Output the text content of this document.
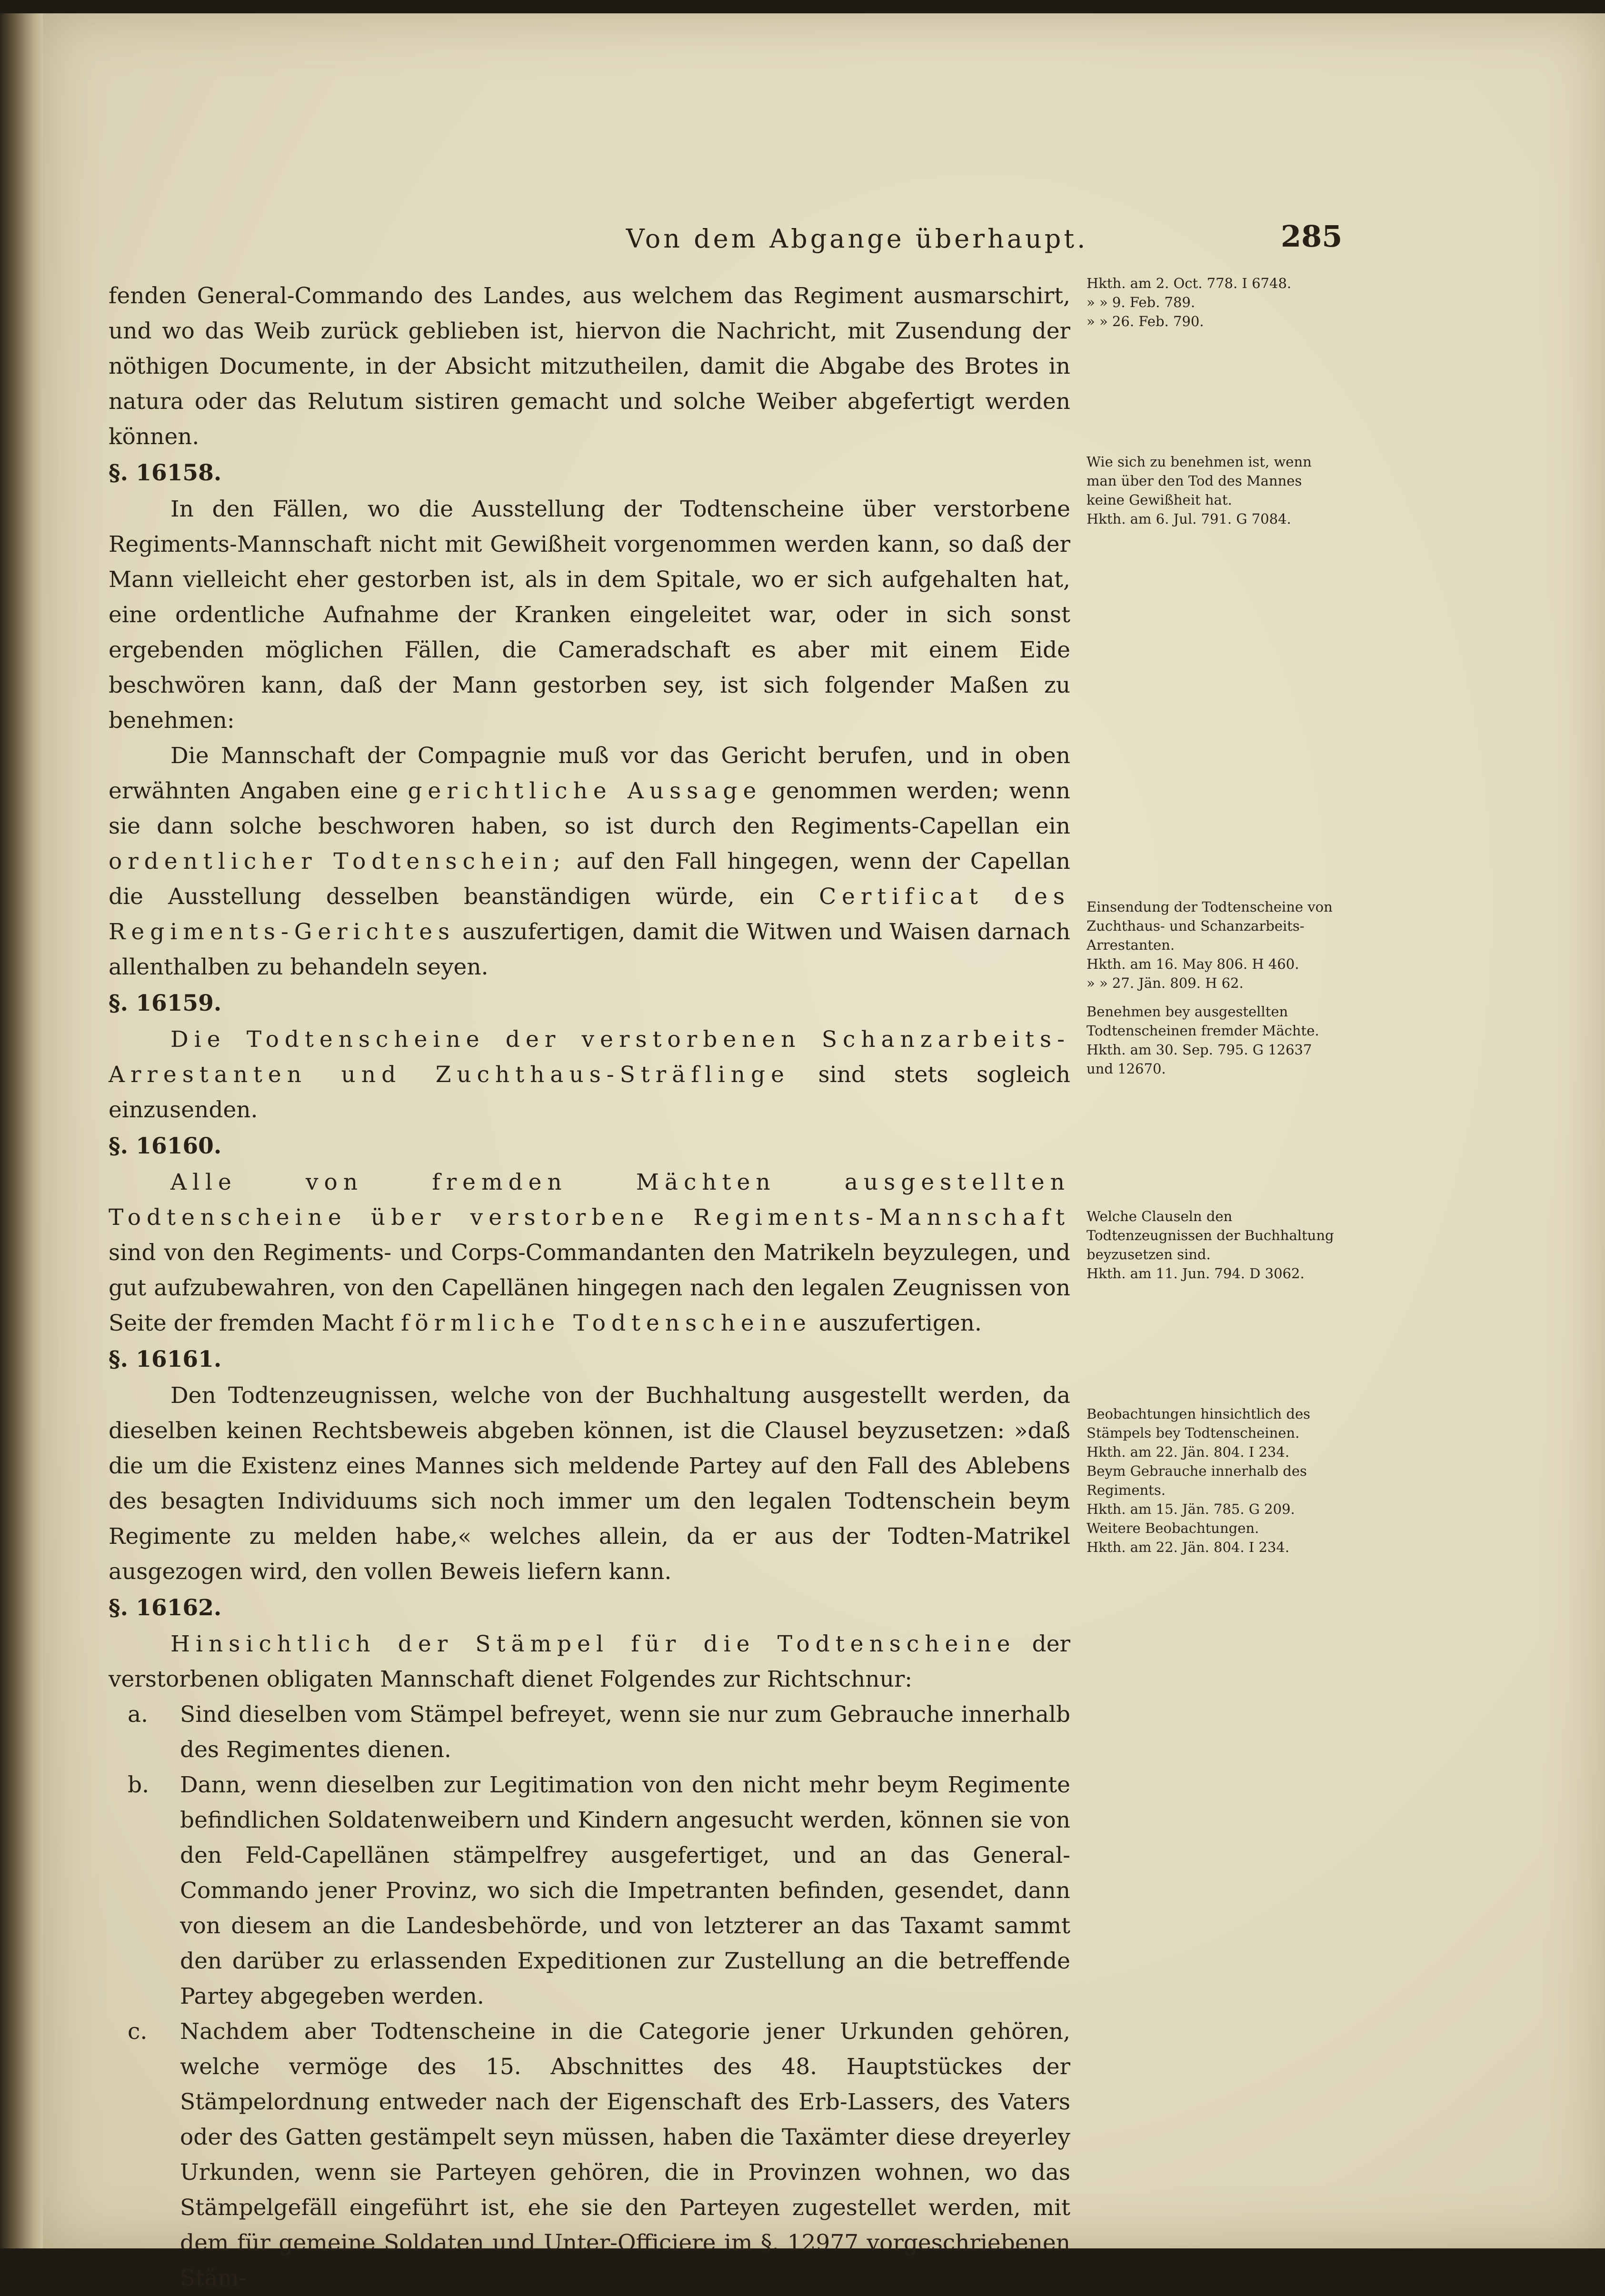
Von dem Abgange überhaupt.	285

fenden General-Commando des Landes, aus welchem das Regiment ausmarschirt, und wo das Weib zurück geblieben ist, hiervon die Nachricht, mit Zusendung der nöthigen Documente, in der Absicht mitzutheilen, damit die Abgabe des Brotes in natura oder das Relutum sistiren gemacht und solche Weiber abgefertigt werden können.

§. 16158.

In den Fällen, wo die Ausstellung der Todtenscheine über verstorbene Regiments-Mannschaft nicht mit Gewißheit vorgenommen werden kann, so daß der Mann vielleicht eher gestorben ist, als in dem Spitale, wo er sich aufgehalten hat, eine ordentliche Aufnahme der Kranken eingeleitet war, oder in sich sonst ergebenden möglichen Fällen, die Cameradschaft es aber mit einem Eide beschwören kann, daß der Mann gestorben sey, ist sich folgender Maßen zu benehmen:

Die Mannschaft der Compagnie muß vor das Gericht berufen, und in oben erwähnten Angaben eine gerichtliche Aussage genommen werden; wenn sie dann solche beschworen haben, so ist durch den Regiments-Capellan ein ordentlicher Todtenschein; auf den Fall hingegen, wenn der Capellan die Ausstellung desselben beanständigen würde, ein Certificat des Regiments-Gerichtes auszufertigen, damit die Witwen und Waisen darnach allenthalben zu behandeln seyen.

§. 16159.

Die Todtenscheine der verstorbenen Schanzarbeits-Arrestanten und Zuchthaus-Sträflinge sind stets sogleich einzusenden.

§. 16160.

Alle von fremden Mächten ausgestellten Todtenscheine über verstorbene Regiments-Mannschaft sind von den Regiments- und Corps-Commandanten den Matrikeln beyzulegen, und gut aufzubewahren, von den Capellänen hingegen nach den legalen Zeugnissen von Seite der fremden Macht förmliche Todtenscheine auszufertigen.

§. 16161.

Den Todtenzeugnissen, welche von der Buchhaltung ausgestellt werden, da dieselben keinen Rechtsbeweis abgeben können, ist die Clausel beyzusetzen: »daß die um die Existenz eines Mannes sich meldende Partey auf den Fall des Ablebens des besagten Individuums sich noch immer um den legalen Todtenschein beym Regimente zu melden habe,« welches allein, da er aus der Todten-Matrikel ausgezogen wird, den vollen Beweis liefern kann.

§. 16162.

Hinsichtlich der Stämpel für die Todtenscheine der verstorbenen obligaten Mannschaft dienet Folgendes zur Richtschnur:

a.	Sind dieselben vom Stämpel befreyet, wenn sie nur zum Gebrauche innerhalb des Regimentes dienen.
b.	Dann, wenn dieselben zur Legitimation von den nicht mehr beym Regimente befindlichen Soldatenweibern und Kindern angesucht werden, können sie von den Feld-Capellänen stämpelfrey ausgefertiget, und an das General-Commando jener Provinz, wo sich die Impetranten befinden, gesendet, dann von diesem an die Landesbehörde, und von letzterer an das Taxamt sammt den darüber zu erlassenden Expeditionen zur Zustellung an die betreffende Partey abgegeben werden.
c.	Nachdem aber Todtenscheine in die Categorie jener Urkunden gehören, welche vermöge des 15. Abschnittes des 48. Hauptstückes der Stämpelordnung entweder nach der Eigenschaft des Erb-Lassers, des Vaters oder des Gatten gestämpelt seyn müssen, haben die Taxämter diese dreyerley Urkunden, wenn sie Parteyen gehören, die in Provinzen wohnen, wo das Stämpelgefäll eingeführt ist, ehe sie den Parteyen zugestellet werden, mit dem für gemeine Soldaten und Unter-Officiere im §. 12977 vorgeschriebenen Stäm-

Hkth. am 2. Oct. 778. I 6748.

» » 9. Feb. 789.

» » 26. Feb. 790.

Wie sich zu benehmen ist, wenn man über den Tod des Mannes keine Gewißheit hat.

Hkth. am 6. Jul. 791. G 7084.

Einsendung der Todtenscheine von Zuchthaus- und Schanzarbeits-Arrestanten.

Hkth. am 16. May 806. H 460.

» » 27. Jän. 809. H 62.

Benehmen bey ausgestellten Todtenscheinen fremder Mächte.

Hkth. am 30. Sep. 795. G 12637 und 12670.

Welche Clauseln den Todtenzeugnissen der Buchhaltung beyzusetzen sind.

Hkth. am 11. Jun. 794. D 3062.

Beobachtungen hinsichtlich des Stämpels bey Todtenscheinen.

Hkth. am 22. Jän. 804. I 234.

Beym Gebrauche innerhalb des Regiments.

Hkth. am 15. Jän. 785. G 209.

Weitere Beobachtungen.

Hkth. am 22. Jän. 804. I 234.
